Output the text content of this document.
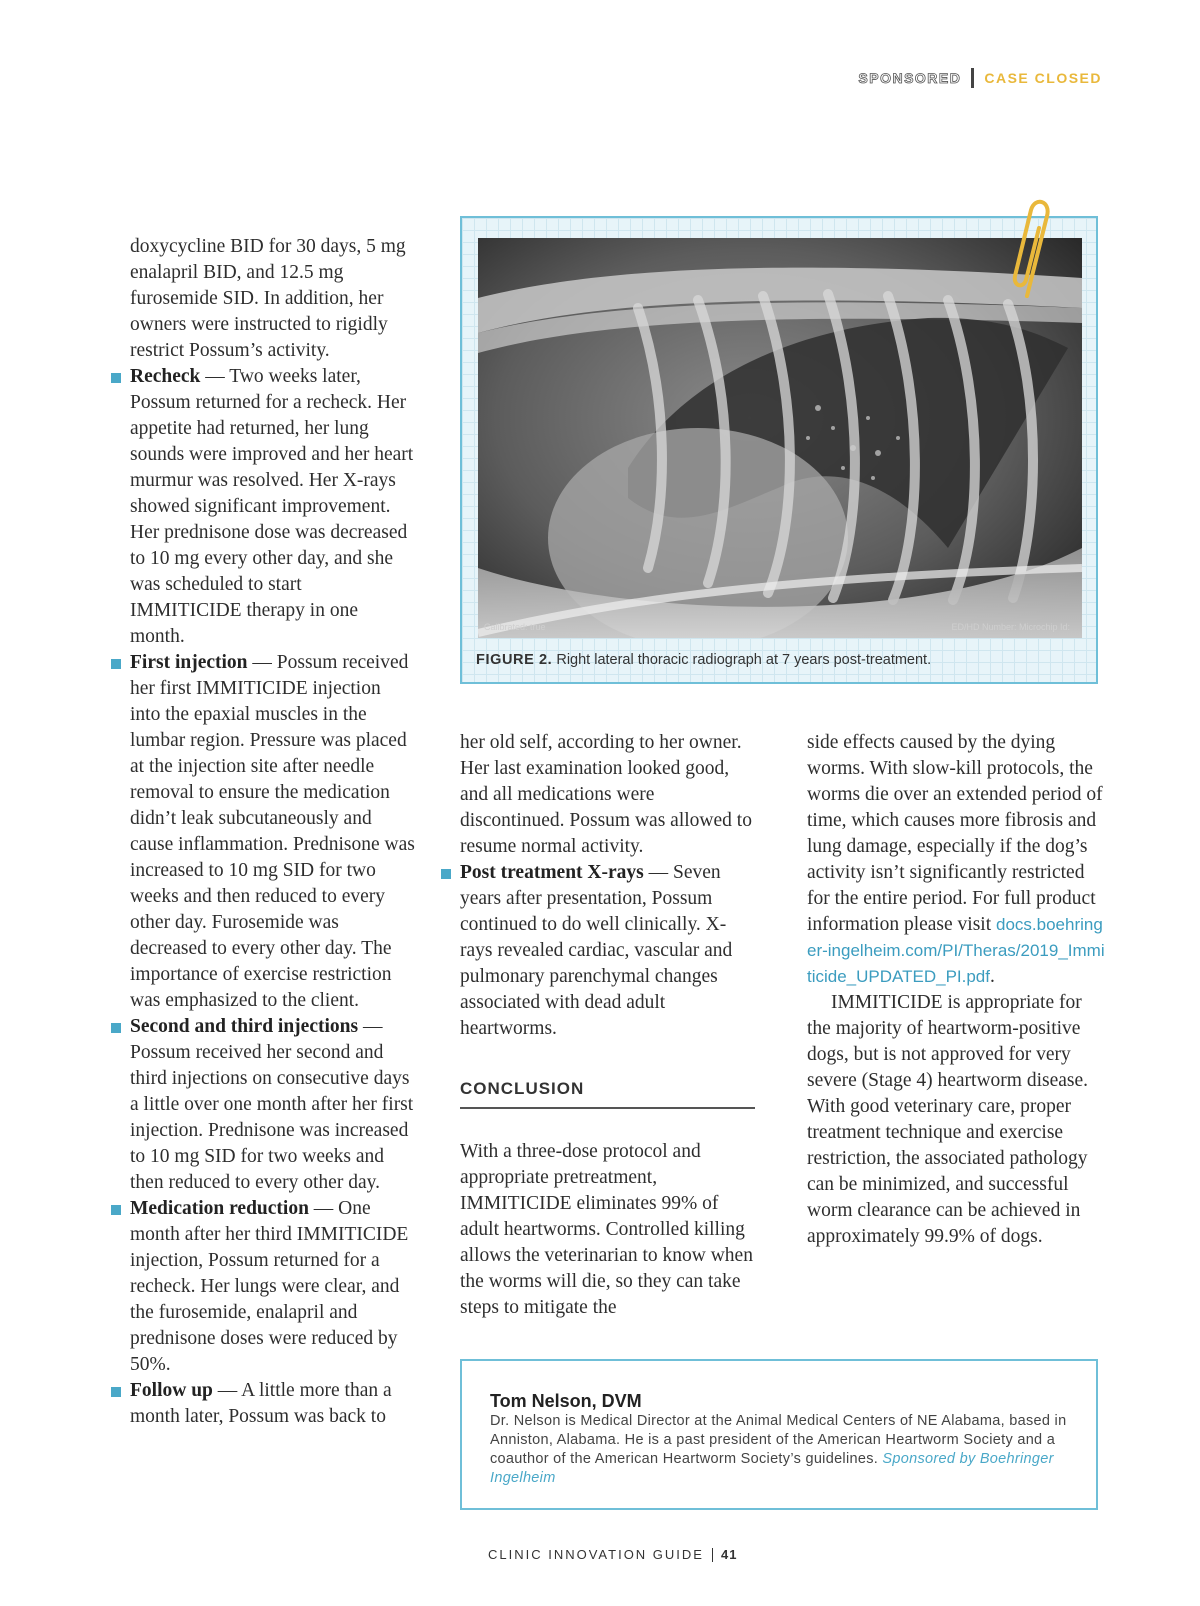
SPONSORED CASE CLOSED

doxycycline BID for 30 days, 5 mg enalapril BID, and 12.5 mg furosemide SID. In addition, her owners were instructed to rigidly restrict Possum’s activity.

Recheck — Two weeks later, Possum returned for a recheck. Her appetite had returned, her lung sounds were improved and her heart murmur was resolved. Her X-rays showed significant improvement. Her prednisone dose was decreased to 10 mg every other day, and she was scheduled to start IMMITICIDE therapy in one month.

First injection — Possum received her first IMMITICIDE injection into the epaxial muscles in the lumbar region. Pressure was placed at the injection site after needle removal to ensure the medication didn’t leak subcutaneously and cause inflammation. Prednisone was increased to 10 mg SID for two weeks and then reduced to every other day. Furosemide was decreased to every other day. The importance of exercise restriction was emphasized to the client.

Second and third injections — Possum received her second and third injections on consecutive days a little over one month after her first injection. Prednisone was increased to 10 mg SID for two weeks and then reduced to every other day.

Medication reduction — One month after her third IMMITICIDE injection, Possum returned for a recheck. Her lungs were clear, and the furosemide, enalapril and prednisone doses were reduced by 50%.

Follow up — A little more than a month later, Possum was back to

Calibrated: true	ED/HD Number: Microchip Id:
FIGURE 2. Right lateral thoracic radiograph at 7 years post-treatment.

her old self, according to her owner. Her last examination looked good, and all medications were discontinued. Possum was allowed to resume normal activity.

Post treatment X-rays — Seven years after presentation, Possum continued to do well clinically. X-rays revealed cardiac, vascular and pulmonary parenchymal changes associated with dead adult heartworms.

CONCLUSION

With a three-dose protocol and appropriate pretreatment, IMMITICIDE eliminates 99% of adult heartworms. Controlled killing allows the veterinarian to know when the worms will die, so they can take steps to mitigate the

side effects caused by the dying worms. With slow-kill protocols, the worms die over an extended period of time, which causes more fibrosis and lung damage, especially if the dog’s activity isn’t significantly restricted for the entire period. For full product information please visit docs.boehringer-ingelheim.com/PI/Theras/2019_Immiticide_UPDATED_PI.pdf.

IMMITICIDE is appropriate for the majority of heartworm-positive dogs, but is not approved for very severe (Stage 4) heartworm disease. With good veterinary care, proper treatment technique and exercise restriction, the associated pathology can be minimized, and successful worm clearance can be achieved in approximately 99.9% of dogs.

Tom Nelson, DVM
Dr. Nelson is Medical Director at the Animal Medical Centers of NE Alabama, based in Anniston, Alabama. He is a past president of the American Heartworm Society and a coauthor of the American Heartworm Society’s guidelines. Sponsored by Boehringer Ingelheim
CLINIC INNOVATION GUIDE 41
